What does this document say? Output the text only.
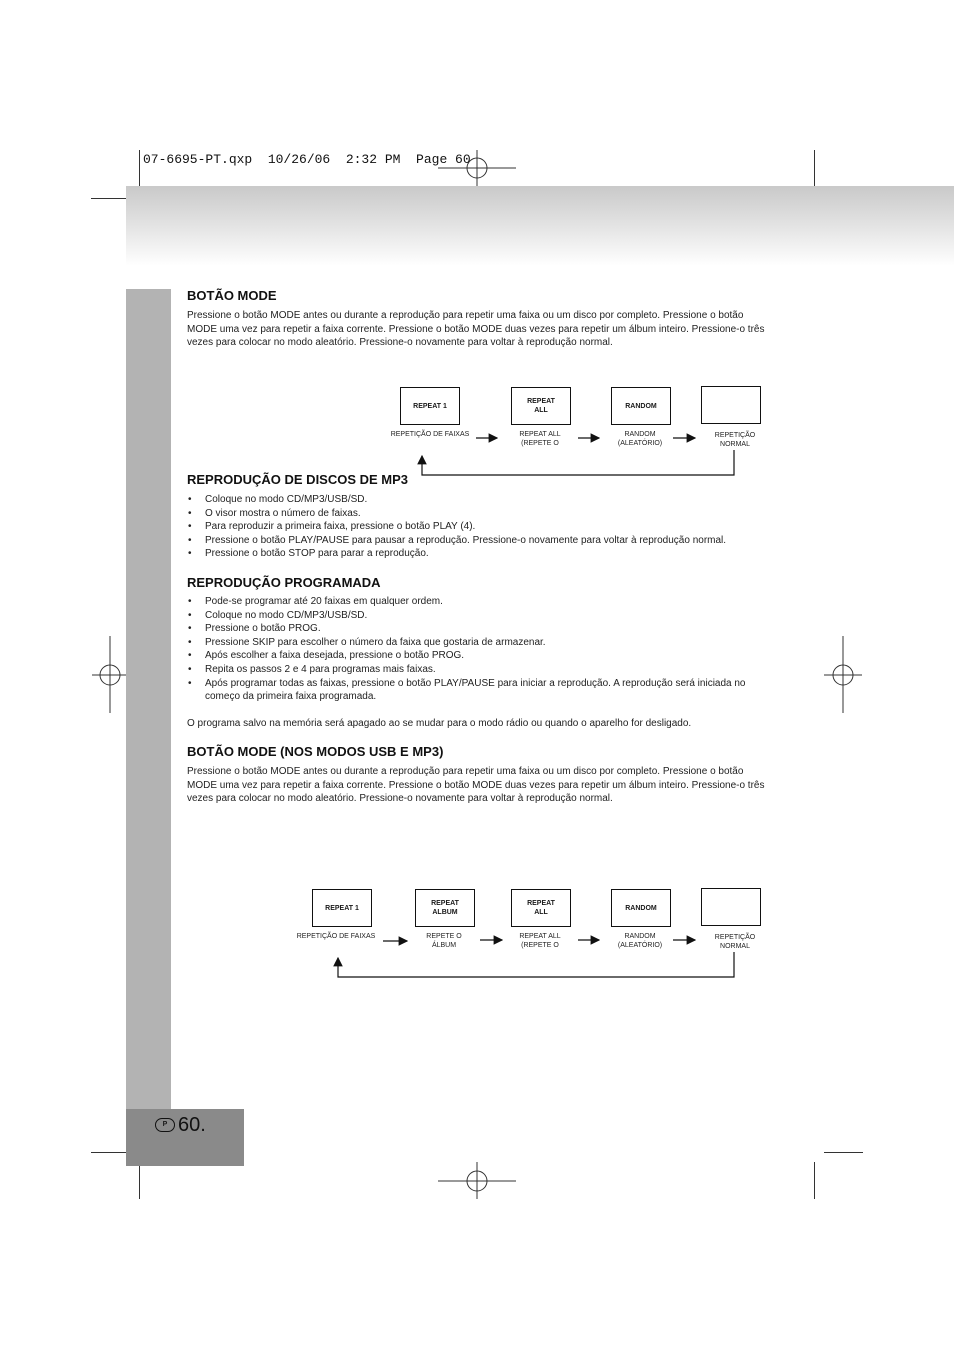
07-6695-PT.qxp  10/26/06  2:32 PM  Page 60
P 60.
BOTÃO MODE
Pressione o botão MODE antes ou durante a reprodução para repetir uma faixa ou um disco por completo. Pressione o botão MODE uma vez para repetir a faixa corrente. Pressione o botão MODE duas vezes para repetir um álbum inteiro. Pressione-o três vezes para colocar no modo aleatório. Pressione-o novamente para voltar à reprodução normal.
REPEAT 1
REPEAT
ALL
RANDOM
REPETIÇÃO DE FAIXAS	REPEAT ALL
(REPETE O
RANDOM
(ALEATÓRIO)
REPETIÇÃO
NORMAL
REPRODUÇÃO DE DISCOS DE MP3
• Coloque no modo CD/MP3/USB/SD.
• O visor mostra o número de faixas.
• Para reproduzir a primeira faixa, pressione o botão PLAY (4).
• Pressione o botão PLAY/PAUSE para pausar a reprodução. Pressione-o novamente para voltar à reprodução normal.
• Pressione o botão STOP para parar a reprodução.
REPRODUÇÃO PROGRAMADA
• Pode-se programar até 20 faixas em qualquer ordem.
• Coloque no modo CD/MP3/USB/SD.
• Pressione o botão PROG.
• Pressione SKIP para escolher o número da faixa que gostaria de armazenar.
• Após escolher a faixa desejada, pressione o botão PROG.
• Repita os passos 2 e 4 para programas mais faixas.
• Após programar todas as faixas, pressione o botão PLAY/PAUSE para iniciar a reprodução. A reprodução será iniciada no começo da primeira faixa programada.
O programa salvo na memória será apagado ao se mudar para o modo rádio ou quando o aparelho for desligado.
BOTÃO MODE (NOS MODOS USB E MP3)
Pressione o botão MODE antes ou durante a reprodução para repetir uma faixa ou um disco por completo. Pressione o botão MODE uma vez para repetir a faixa corrente. Pressione o botão MODE duas vezes para repetir um álbum inteiro. Pressione-o três vezes para colocar no modo aleatório. Pressione-o novamente para voltar à reprodução normal.
REPEAT 1
REPEAT
ALBUM
REPEAT
ALL
RANDOM
REPETIÇÃO DE FAIXAS	REPETE O
ÁLBUM
REPEAT ALL
(REPETE O
RANDOM
(ALEATÓRIO)
REPETIÇÃO
NORMAL
